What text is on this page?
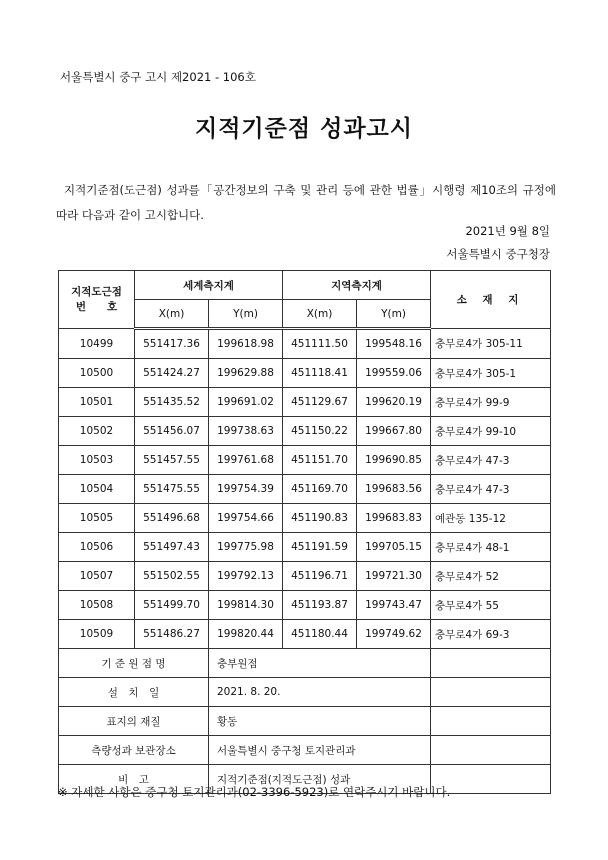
서울특별시 중구 고시 제2021 - 106호
지적기준점 성과고시
지적기준점(도근점) 성과를「공간정보의 구축 및 관리 등에 관한 법률」시행령 제10조의 규정에 따라 다음과 같이 고시합니다.
2021년 9월 8일
서울특별시 중구청장
지적도근점
번　　호	세계측지계		지역측지계		소 재 지
	X(m)	Y(m)	X(m)	Y(m)	
10499	551417.36	199618.98	451111.50	199548.16	충무로4가 305-11
10500	551424.27	199629.88	451118.41	199559.06	충무로4가 305-1
10501	551435.52	199691.02	451129.67	199620.19	충무로4가 99-9
10502	551456.07	199738.63	451150.22	199667.80	충무로4가 99-10
10503	551457.55	199761.68	451151.70	199690.85	충무로4가 47-3
10504	551475.55	199754.39	451169.70	199683.56	충무로4가 47-3
10505	551496.68	199754.66	451190.83	199683.83	예관동 135-12
10506	551497.43	199775.98	451191.59	199705.15	충무로4가 48-1
10507	551502.55	199792.13	451196.71	199721.30	충무로4가 52
10508	551499.70	199814.30	451193.87	199743.47	충무로4가 55
10509	551486.27	199820.44	451180.44	199749.62	충무로4가 69-3
기 준 원 점 명		충부원점			
설　치　일		2021. 8. 20.			
표지의 재질		황동			
측량성과 보관장소		서울특별시 중구청 토지관리과			
비　고		지적기준점(지적도근점) 성과			
※ 자세한 사항은 중구청 토지관리과(02-3396-5923)로 연락주시기 바랍니다.
